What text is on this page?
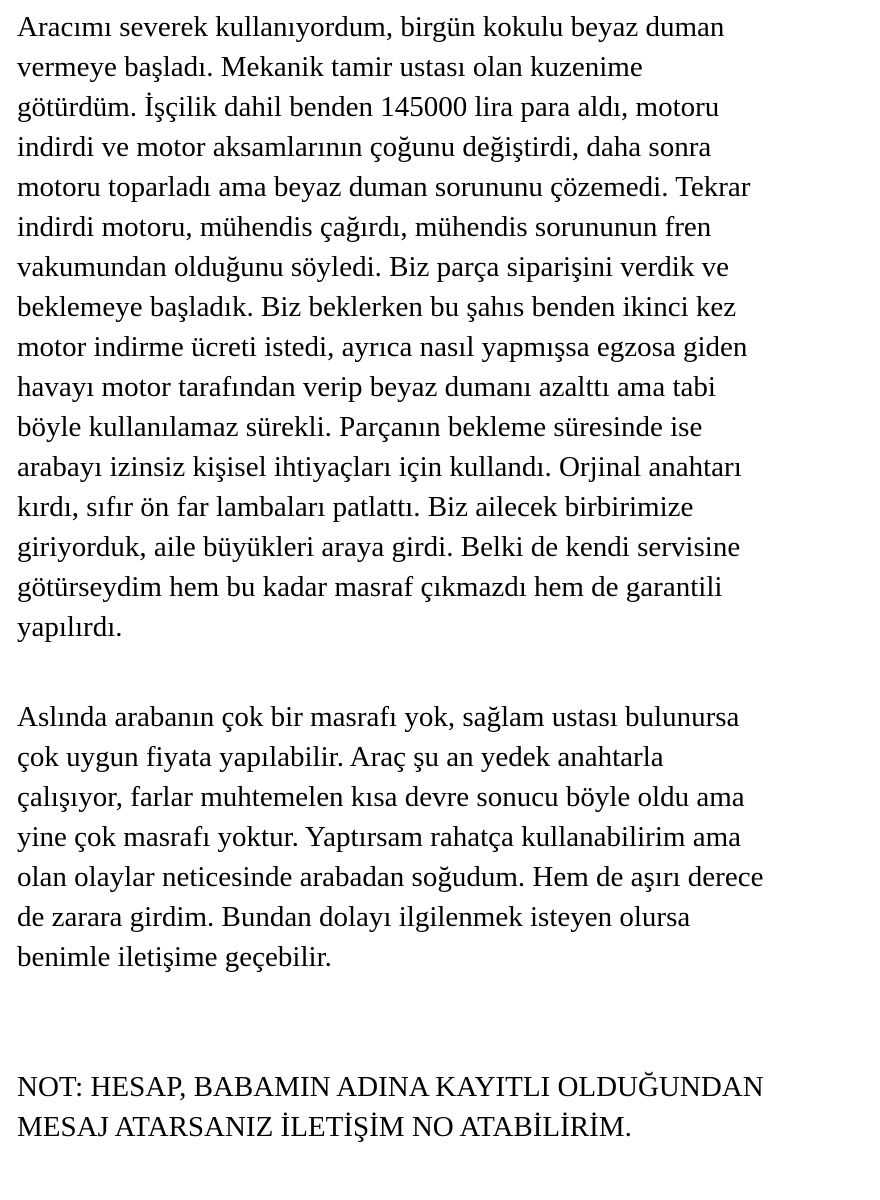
Aracımı severek kullanıyordum, birgün kokulu beyaz duman

vermeye başladı. Mekanik tamir ustası olan kuzenime

götürdüm. İşçilik dahil benden 145000 lira para aldı, motoru

indirdi ve motor aksamlarının çoğunu değiştirdi, daha sonra

motoru toparladı ama beyaz duman sorununu çözemedi. Tekrar

indirdi motoru, mühendis çağırdı, mühendis sorununun fren

vakumundan olduğunu söyledi. Biz parça siparişini verdik ve

beklemeye başladık. Biz beklerken bu şahıs benden ikinci kez

motor indirme ücreti istedi, ayrıca nasıl yapmışsa egzosa giden

havayı motor tarafından verip beyaz dumanı azalttı ama tabi

böyle kullanılamaz sürekli. Parçanın bekleme süresinde ise

arabayı izinsiz kişisel ihtiyaçları için kullandı. Orjinal anahtarı

kırdı, sıfır ön far lambaları patlattı. Biz ailecek birbirimize

giriyorduk, aile büyükleri araya girdi. Belki de kendi servisine

götürseydim hem bu kadar masraf çıkmazdı hem de garantili

yapılırdı.

Aslında arabanın çok bir masrafı yok, sağlam ustası bulunursa

çok uygun fiyata yapılabilir. Araç şu an yedek anahtarla

çalışıyor, farlar muhtemelen kısa devre sonucu böyle oldu ama

yine çok masrafı yoktur. Yaptırsam rahatça kullanabilirim ama

olan olaylar neticesinde arabadan soğudum. Hem de aşırı derece

de zarara girdim. Bundan dolayı ilgilenmek isteyen olursa

benimle iletişime geçebilir.

NOT: HESAP, BABAMIN ADINA KAYITLI OLDUĞUNDAN

MESAJ ATARSANIZ İLETİŞİM NO ATABİLİRİM.
